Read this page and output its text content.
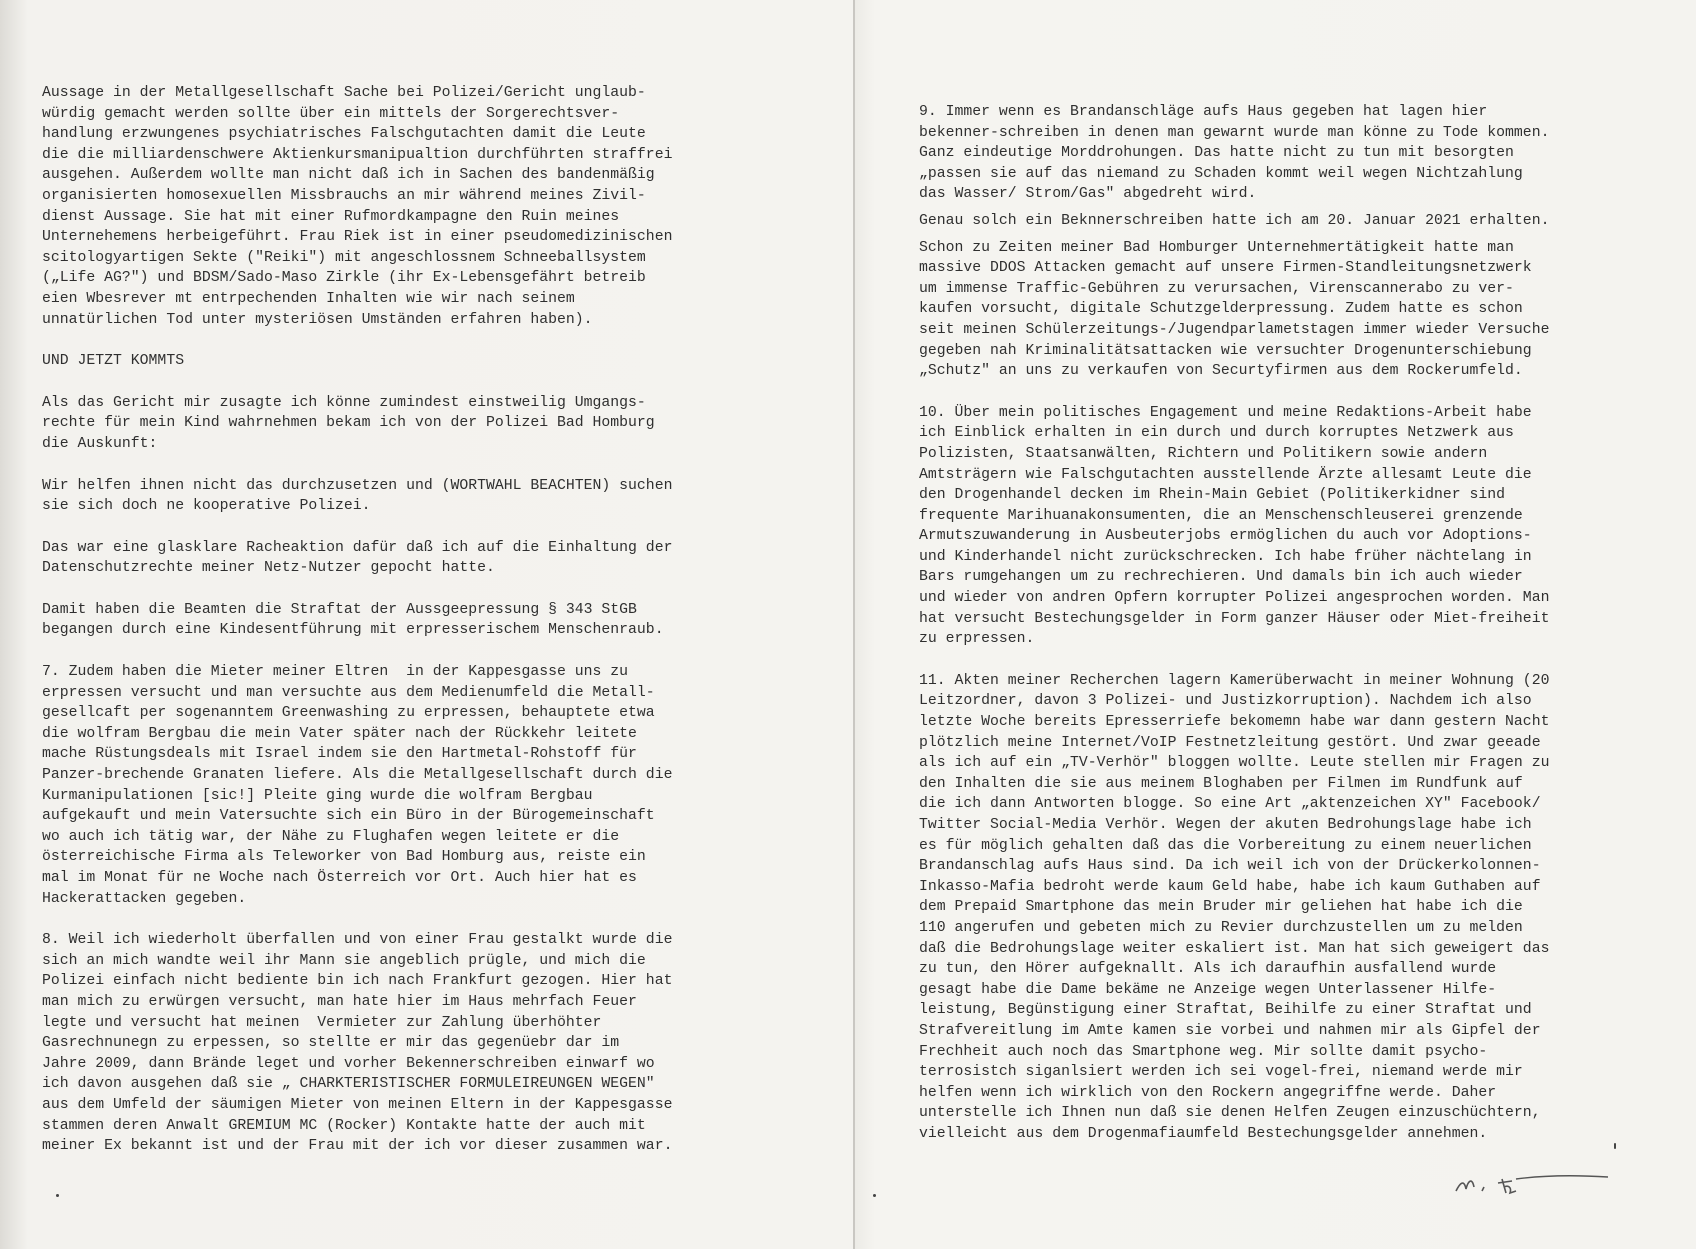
Aussage in der Metallgesellschaft Sache bei Polizei/Gericht unglaub-
würdig gemacht werden sollte über ein mittels der Sorgerechtsver-
handlung erzwungenes psychiatrisches Falschgutachten damit die Leute
die die milliardenschwere Aktienkursmanipualtion durchführten straffrei
ausgehen. Außerdem wollte man nicht daß ich in Sachen des bandenmäßig
organisierten homosexuellen Missbrauchs an mir während meines Zivil-
dienst Aussage. Sie hat mit einer Rufmordkampagne den Ruin meines
Unternehemens herbeigeführt. Frau Riek ist in einer pseudomedizinischen
scitologyartigen Sekte ("Reiki") mit angeschlossnem Schneeballsystem
(„Life AG?") und BDSM/Sado-Maso Zirkle (ihr Ex-Lebensgefährt betreib
eien Wbesrever mt entrpechenden Inhalten wie wir nach seinem
unnatürlichen Tod unter mysteriösen Umständen erfahren haben).
UND JETZT KOMMTS
Als das Gericht mir zusagte ich könne zumindest einstweilig Umgangs-
rechte für mein Kind wahrnehmen bekam ich von der Polizei Bad Homburg
die Auskunft:
Wir helfen ihnen nicht das durchzusetzen und (WORTWAHL BEACHTEN) suchen
sie sich doch ne kooperative Polizei.
Das war eine glasklare Racheaktion dafür daß ich auf die Einhaltung der
Datenschutzrechte meiner Netz-Nutzer gepocht hatte.
Damit haben die Beamten die Straftat der Aussgeepressung § 343 StGB
begangen durch eine Kindesentführung mit erpresserischem Menschenraub.
7. Zudem haben die Mieter meiner Eltren  in der Kappesgasse uns zu
erpressen versucht und man versuchte aus dem Medienumfeld die Metall-
gesellcaft per sogenanntem Greenwashing zu erpressen, behauptete etwa
die wolfram Bergbau die mein Vater später nach der Rückkehr leitete
mache Rüstungsdeals mit Israel indem sie den Hartmetal-Rohstoff für
Panzer-brechende Granaten liefere. Als die Metallgesellschaft durch die
Kurmanipulationen [sic!] Pleite ging wurde die wolfram Bergbau
aufgekauft und mein Vatersuchte sich ein Büro in der Bürogemeinschaft
wo auch ich tätig war, der Nähe zu Flughafen wegen leitete er die
österreichische Firma als Teleworker von Bad Homburg aus, reiste ein
mal im Monat für ne Woche nach Österreich vor Ort. Auch hier hat es
Hackerattacken gegeben.
8. Weil ich wiederholt überfallen und von einer Frau gestalkt wurde die
sich an mich wandte weil ihr Mann sie angeblich prügle, und mich die
Polizei einfach nicht bediente bin ich nach Frankfurt gezogen. Hier hat
man mich zu erwürgen versucht, man hate hier im Haus mehrfach Feuer
legte und versucht hat meinen  Vermieter zur Zahlung überhöhter
Gasrechnunegn zu erpessen, so stellte er mir das gegenüebr dar im
Jahre 2009, dann Brände leget und vorher Bekennerschreiben einwarf wo
ich davon ausgehen daß sie „ CHARKTERISTISCHER FORMULEIREUNGEN WEGEN"
aus dem Umfeld der säumigen Mieter von meinen Eltern in der Kappesgasse
stammen deren Anwalt GREMIUM MC (Rocker) Kontakte hatte der auch mit
meiner Ex bekannt ist und der Frau mit der ich vor dieser zusammen war.
9. Immer wenn es Brandanschläge aufs Haus gegeben hat lagen hier
bekenner-schreiben in denen man gewarnt wurde man könne zu Tode kommen.
Ganz eindeutige Morddrohungen. Das hatte nicht zu tun mit besorgten
„passen sie auf das niemand zu Schaden kommt weil wegen Nichtzahlung
das Wasser/ Strom/Gas" abgedreht wird.
Genau solch ein Beknnerschreiben hatte ich am 20. Januar 2021 erhalten.
Schon zu Zeiten meiner Bad Homburger Unternehmertätigkeit hatte man
massive DDOS Attacken gemacht auf unsere Firmen-Standleitungsnetzwerk
um immense Traffic-Gebühren zu verursachen, Virenscannerabo zu ver-
kaufen vorsucht, digitale Schutzgelderpressung. Zudem hatte es schon
seit meinen Schülerzeitungs-/Jugendparlametstagen immer wieder Versuche
gegeben nah Kriminalitätsattacken wie versuchter Drogenunterschiebung
„Schutz" an uns zu verkaufen von Securtyfirmen aus dem Rockerumfeld.
10. Über mein politisches Engagement und meine Redaktions-Arbeit habe
ich Einblick erhalten in ein durch und durch korruptes Netzwerk aus
Polizisten, Staatsanwälten, Richtern und Politikern sowie andern
Amtsträgern wie Falschgutachten ausstellende Ärzte allesamt Leute die
den Drogenhandel decken im Rhein-Main Gebiet (Politikerkidner sind
frequente Marihuanakonsumenten, die an Menschenschleuserei grenzende
Armutszuwanderung in Ausbeuterjobs ermöglichen du auch vor Adoptions-
und Kinderhandel nicht zurückschrecken. Ich habe früher nächtelang in
Bars rumgehangen um zu rechrechieren. Und damals bin ich auch wieder
und wieder von andren Opfern korrupter Polizei angesprochen worden. Man
hat versucht Bestechungsgelder in Form ganzer Häuser oder Miet-freiheit
zu erpressen.
11. Akten meiner Recherchen lagern Kamerüberwacht in meiner Wohnung (20
Leitzordner, davon 3 Polizei- und Justizkorruption). Nachdem ich also
letzte Woche bereits Epresserriefe bekomemn habe war dann gestern Nacht
plötzlich meine Internet/VoIP Festnetzleitung gestört. Und zwar geeade
als ich auf ein „TV-Verhör" bloggen wollte. Leute stellen mir Fragen zu
den Inhalten die sie aus meinem Bloghaben per Filmen im Rundfunk auf
die ich dann Antworten blogge. So eine Art „aktenzeichen XY" Facebook/
Twitter Social-Media Verhör. Wegen der akuten Bedrohungslage habe ich
es für möglich gehalten daß das die Vorbereitung zu einem neuerlichen
Brandanschlag aufs Haus sind. Da ich weil ich von der Drückerkolonnen-
Inkasso-Mafia bedroht werde kaum Geld habe, habe ich kaum Guthaben auf
dem Prepaid Smartphone das mein Bruder mir geliehen hat habe ich die
110 angerufen und gebeten mich zu Revier durchzustellen um zu melden
daß die Bedrohungslage weiter eskaliert ist. Man hat sich geweigert das
zu tun, den Hörer aufgeknallt. Als ich daraufhin ausfallend wurde
gesagt habe die Dame bekäme ne Anzeige wegen Unterlassener Hilfe-
leistung, Begünstigung einer Straftat, Beihilfe zu einer Straftat und
Strafvereitlung im Amte kamen sie vorbei und nahmen mir als Gipfel der
Frechheit auch noch das Smartphone weg. Mir sollte damit psycho-
terrosistch siganlsiert werden ich sei vogel-frei, niemand werde mir
helfen wenn ich wirklich von den Rockern angegriffne werde. Daher
unterstelle ich Ihnen nun daß sie denen Helfen Zeugen einzuschüchtern,
vielleicht aus dem Drogenmafiaumfeld Bestechungsgelder annehmen.
